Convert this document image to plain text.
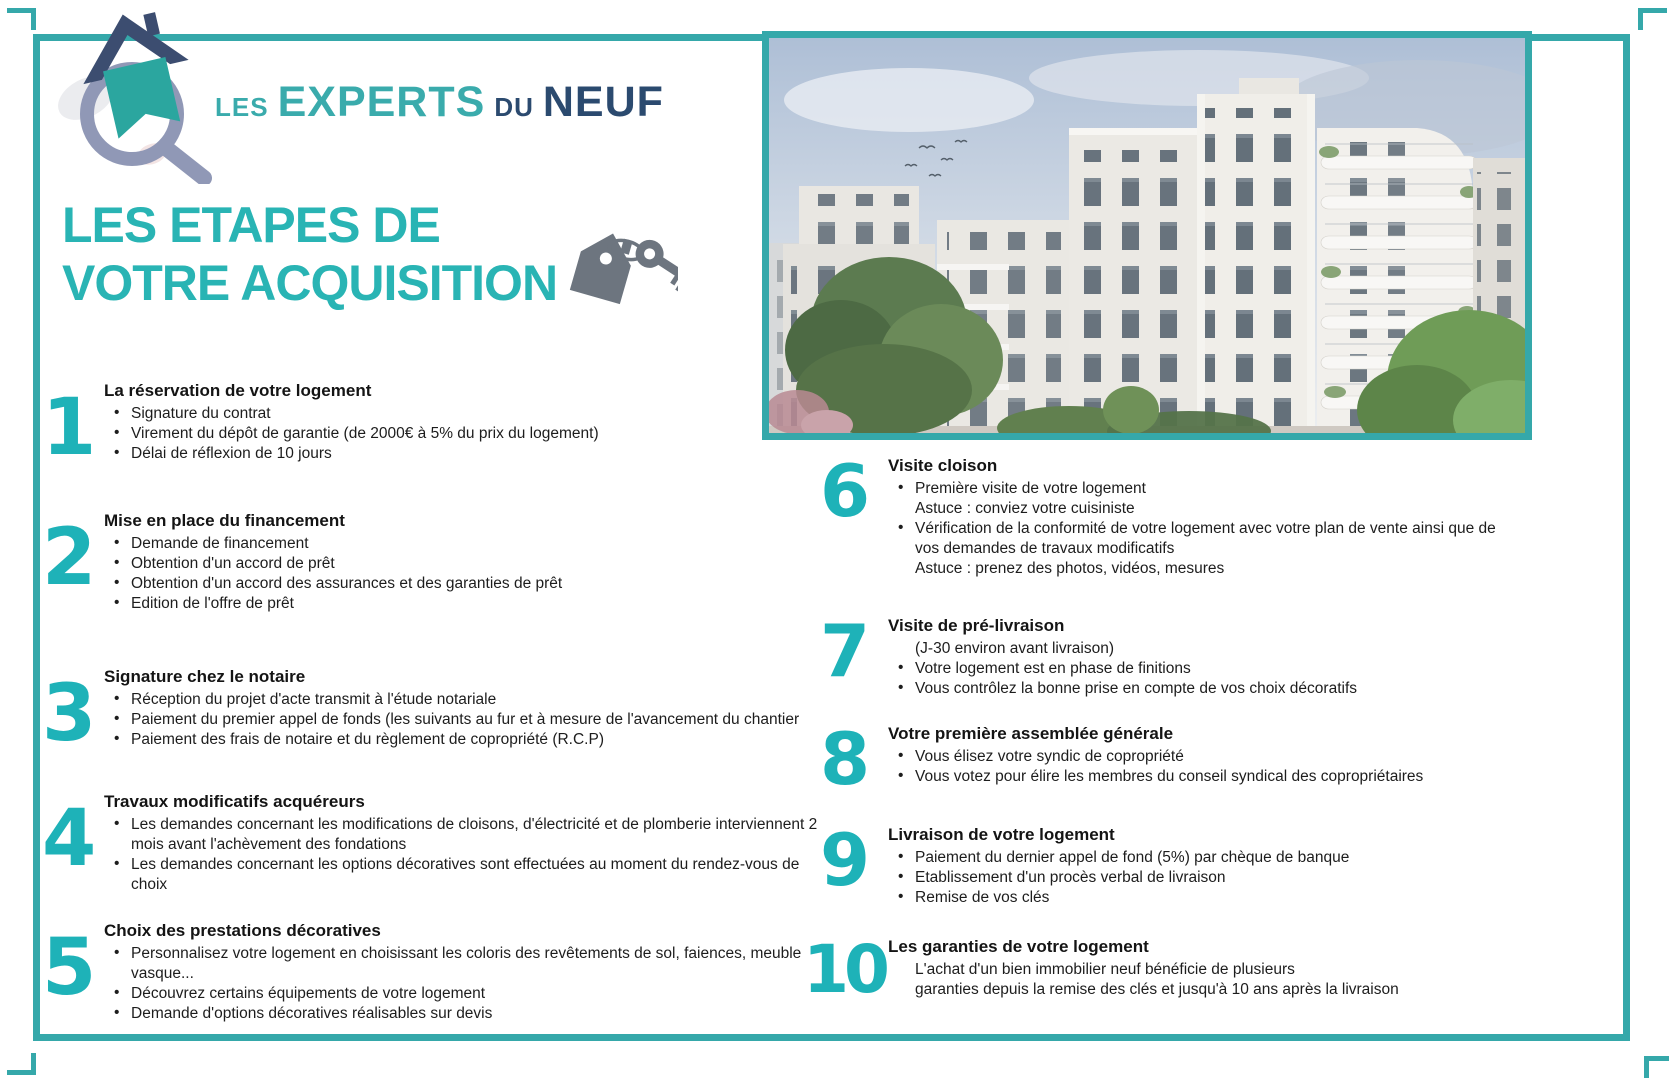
LES EXPERTS DU NEUF
LES ETAPES DE
VOTRE ACQUISITION
1 La réservation de votre logement
• Signature du contrat
• Virement du dépôt de garantie (de 2000€ à 5% du prix du logement)
• Délai de réflexion de 10 jours
2 Mise en place du financement
• Demande de financement
• Obtention d'un accord de prêt
• Obtention d'un accord des assurances et des garanties de prêt
• Edition de l'offre de prêt
3 Signature chez le notaire
• Réception du projet d'acte transmit à l'étude notariale
• Paiement du premier appel de fonds (les suivants au fur et à mesure de l'avancement du chantier
• Paiement des frais de notaire et du règlement de copropriété (R.C.P)
4 Travaux modificatifs acquéreurs
• Les demandes concernant les modifications de cloisons, d'électricité et de plomberie interviennent 2 mois avant l'achèvement des fondations
• Les demandes concernant les options décoratives sont effectuées au moment du rendez-vous de choix
5 Choix des prestations décoratives
• Personnalisez votre logement en choisissant les coloris des revêtements de sol, faiences, meuble vasque...
• Découvrez certains équipements de votre logement
• Demande d'options décoratives réalisables sur devis
6	Visite cloison
• Première visite de votre logement
Astuce : conviez votre cuisiniste
• Vérification de la conformité de votre logement avec votre plan de vente ainsi que de vos demandes de travaux modificatifs
Astuce : prenez des photos, vidéos, mesures
7	Visite de pré-livraison
(J-30 environ avant livraison)
• Votre logement est en phase de finitions
• Vous contrôlez la bonne prise en compte de vos choix décoratifs
8	Votre première assemblée générale
• Vous élisez votre syndic de copropriété
• Vous votez pour élire les membres du conseil syndical des copropriétaires
9	Livraison de votre logement
• Paiement du dernier appel de fond (5%) par chèque de banque
• Etablissement d'un procès verbal de livraison
• Remise de vos clés
10 Les garanties de votre logement
L'achat d'un bien immobilier neuf bénéficie de plusieurs
garanties depuis la remise des clés et jusqu'à 10 ans après la livraison
